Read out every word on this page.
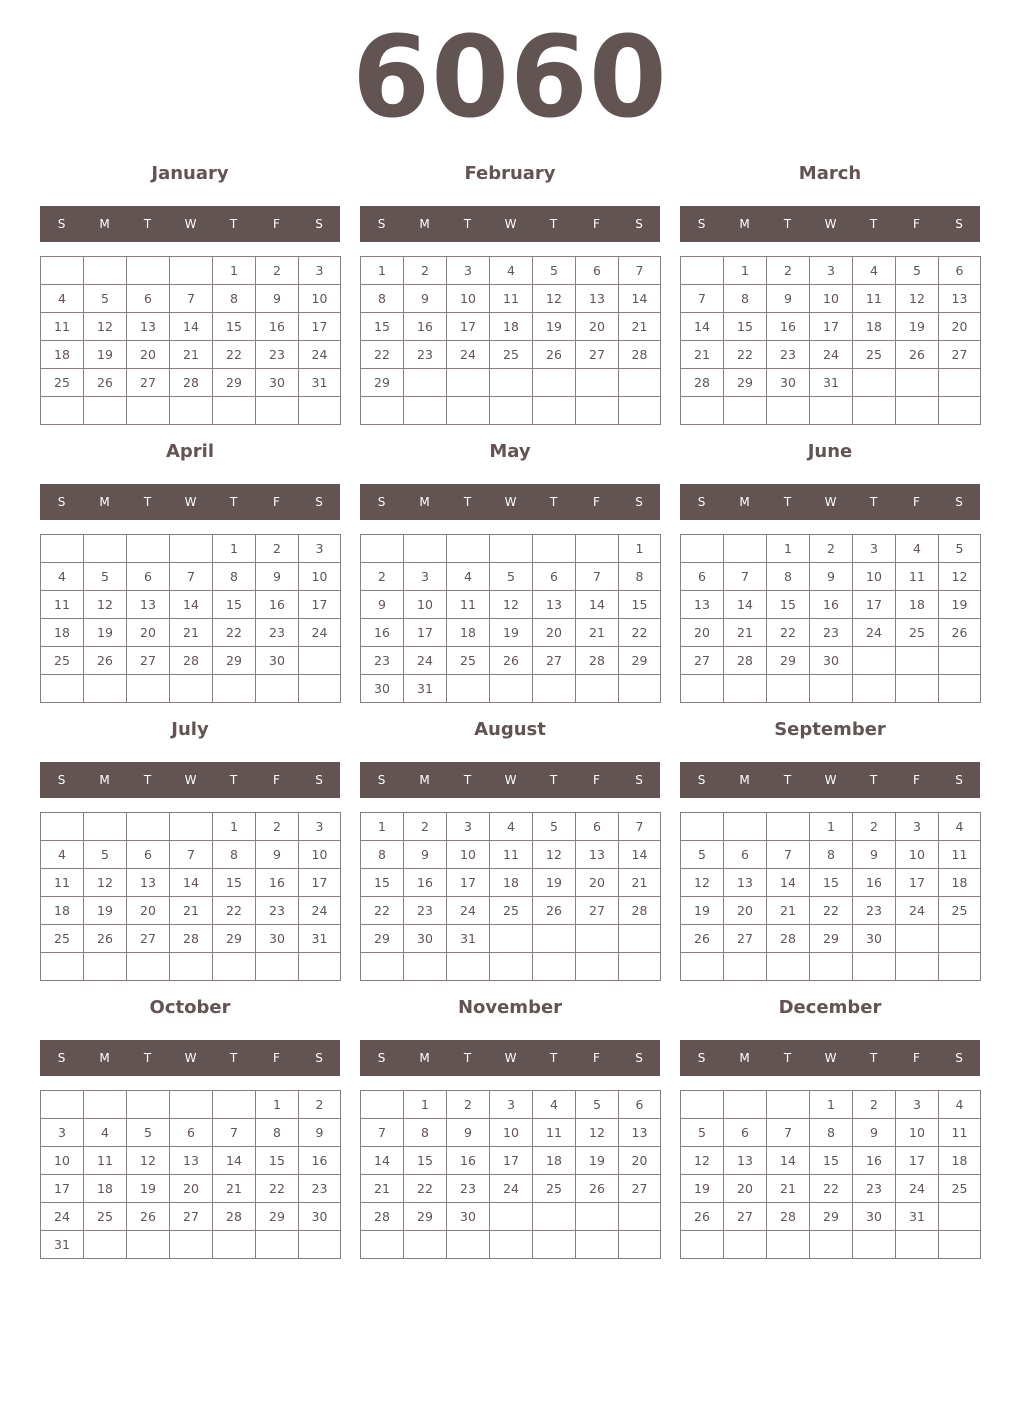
6060
January
S	M	T	W	T	F	S
				1	2	3
4	5	6	7	8	9	10
11	12	13	14	15	16	17
18	19	20	21	22	23	24
25	26	27	28	29	30	31

February
S	M	T	W	T	F	S
1	2	3	4	5	6	7
8	9	10	11	12	13	14
15	16	17	18	19	20	21
22	23	24	25	26	27	28
29						

March
S	M	T	W	T	F	S
	1	2	3	4	5	6
7	8	9	10	11	12	13
14	15	16	17	18	19	20
21	22	23	24	25	26	27
28	29	30	31			

April
S	M	T	W	T	F	S
				1	2	3
4	5	6	7	8	9	10
11	12	13	14	15	16	17
18	19	20	21	22	23	24
25	26	27	28	29	30	

May
S	M	T	W	T	F	S
						1
2	3	4	5	6	7	8
9	10	11	12	13	14	15
16	17	18	19	20	21	22
23	24	25	26	27	28	29
30	31					
June
S	M	T	W	T	F	S
		1	2	3	4	5
6	7	8	9	10	11	12
13	14	15	16	17	18	19
20	21	22	23	24	25	26
27	28	29	30			

July
S	M	T	W	T	F	S
				1	2	3
4	5	6	7	8	9	10
11	12	13	14	15	16	17
18	19	20	21	22	23	24
25	26	27	28	29	30	31

August
S	M	T	W	T	F	S
1	2	3	4	5	6	7
8	9	10	11	12	13	14
15	16	17	18	19	20	21
22	23	24	25	26	27	28
29	30	31				

September
S	M	T	W	T	F	S
			1	2	3	4
5	6	7	8	9	10	11
12	13	14	15	16	17	18
19	20	21	22	23	24	25
26	27	28	29	30		

October
S	M	T	W	T	F	S
					1	2
3	4	5	6	7	8	9
10	11	12	13	14	15	16
17	18	19	20	21	22	23
24	25	26	27	28	29	30
31						
November
S	M	T	W	T	F	S
	1	2	3	4	5	6
7	8	9	10	11	12	13
14	15	16	17	18	19	20
21	22	23	24	25	26	27
28	29	30				

December
S	M	T	W	T	F	S
			1	2	3	4
5	6	7	8	9	10	11
12	13	14	15	16	17	18
19	20	21	22	23	24	25
26	27	28	29	30	31	
